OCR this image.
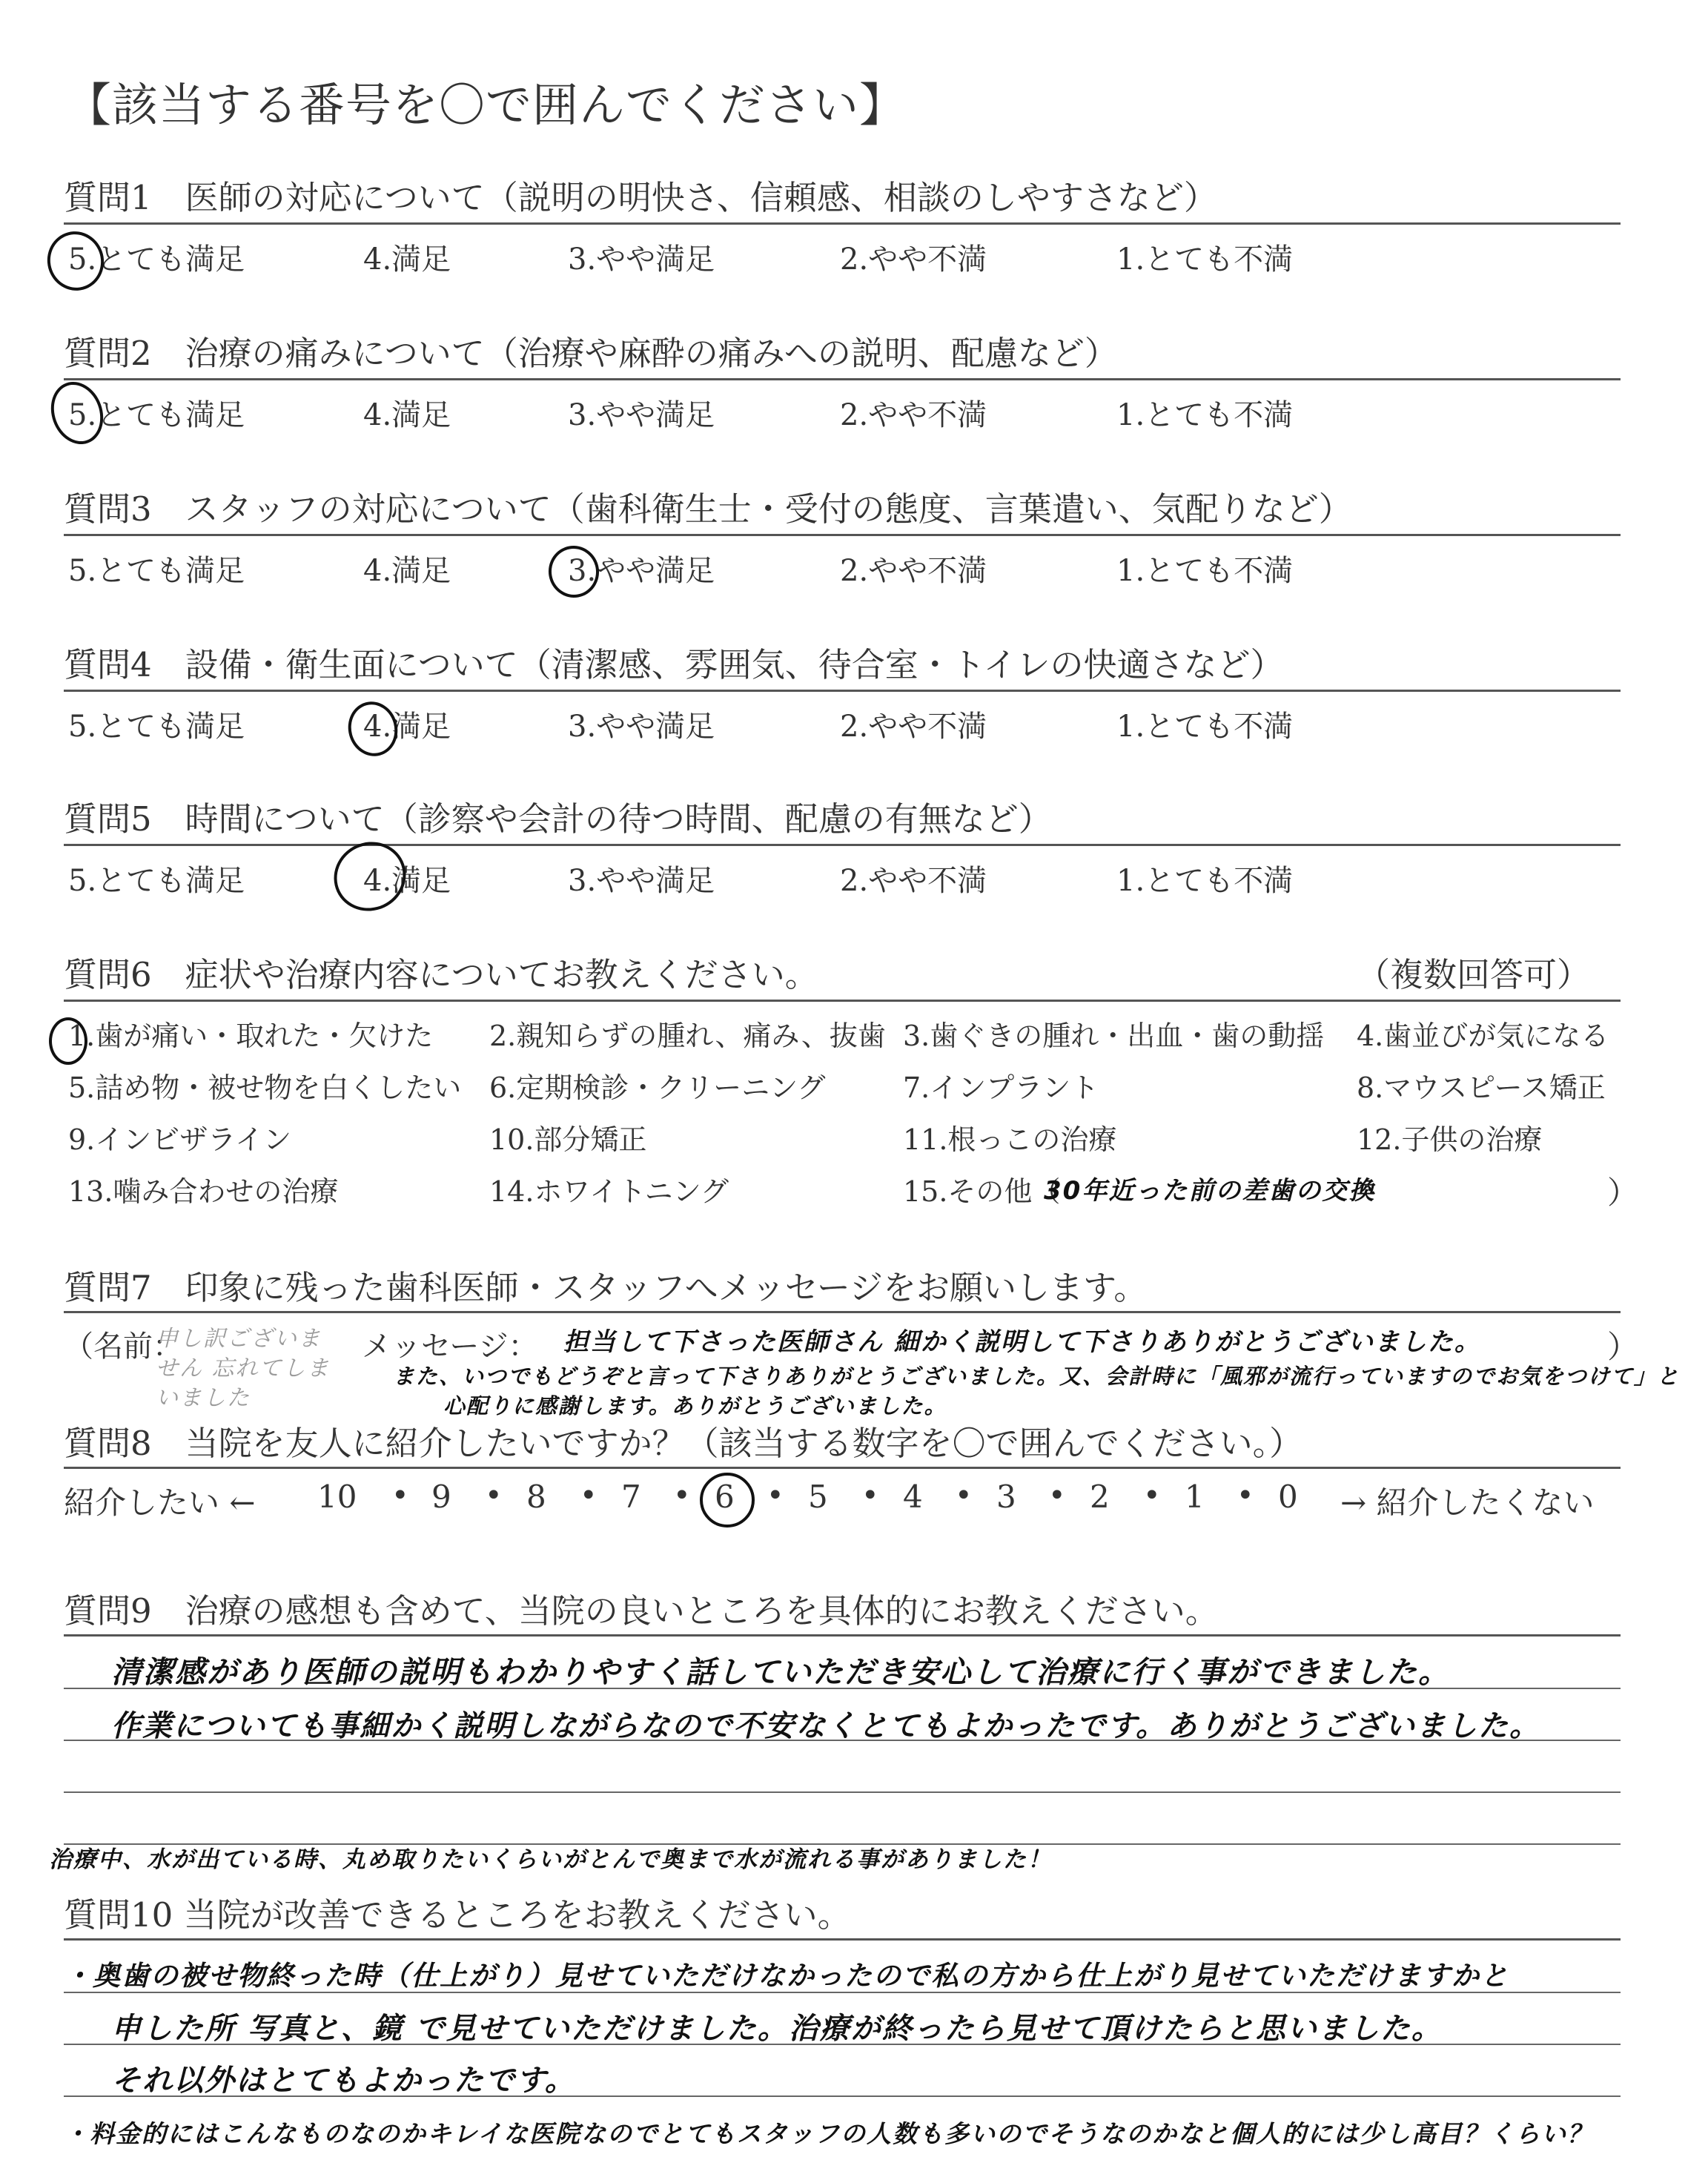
【該当する番号を〇で囲んでください】
質問1　医師の対応について（説明の明快さ、信頼感、相談のしやすさなど）
5.とても満足	4.満足	3.やや満足	2.やや不満	1.とても不満
質問2　治療の痛みについて（治療や麻酔の痛みへの説明、配慮など）
5.とても満足	4.満足	3.やや満足	2.やや不満	1.とても不満
質問3　スタッフの対応について（歯科衛生士・受付の態度、言葉遣い、気配りなど）
5.とても満足	4.満足	3.やや満足	2.やや不満	1.とても不満
質問4　設備・衛生面について（清潔感、雰囲気、待合室・トイレの快適さなど）
5.とても満足	4.満足	3.やや満足	2.やや不満	1.とても不満
質問5　時間について（診察や会計の待つ時間、配慮の有無など）
5.とても満足	4.満足	3.やや満足	2.やや不満	1.とても不満
質問6　症状や治療内容についてお教えください。	（複数回答可）
1.歯が痛い・取れた・欠けた 2.親知らずの腫れ、痛み、抜歯 3.歯ぐきの腫れ・出血・歯の動揺 4.歯並びが気になる
5.詰め物・被せ物を白くしたい 6.定期検診・クリーニング	7.インプラント	8.マウスピース矯正
9.インビザライン	10.部分矯正	11.根っこの治療	12.子供の治療
13.噛み合わせの治療	14.ホワイトニング	15.その他（
30年近った前の差歯の交換	）
質問7　印象に残った歯科医師・スタッフへメッセージをお願いします。
（名前：
申し訳ございません 忘れてしまいました
メッセージ： 担当して下さった医師さん 細かく説明して下さりありがとうございました。
また、いつでもどうぞと言って下さりありがとうございました。又、会計時に「風邪が流行っていますのでお気をつけて」と
心配りに感謝します。ありがとうございました。
）
質問8　当院を友人に紹介したいですか？（該当する数字を〇で囲んでください。）
紹介したい ← 10 • 9 • 8 • 7 • 6 • 5 • 4 • 3 • 2 • 1 • 0 → 紹介したくない
質問9　治療の感想も含めて、当院の良いところを具体的にお教えください。
清潔感があり医師の説明もわかりやすく話していただき安心して治療に行く事ができました。
作業についても事細かく説明しながらなので不安なくとてもよかったです。ありがとうございました。
治療中、水が出ている時、丸め取りたいくらいがとんで奥まで水が流れる事がありました！
質問10 当院が改善できるところをお教えください。
・奥歯の被せ物終った時（仕上がり）見せていただけなかったので私の方から仕上がり見せていただけますかと
申した所 写真と、鏡 で見せていただけました。治療が終ったら見せて頂けたらと思いました。
それ以外はとてもよかったです。
・料金的にはこんなものなのかキレイな医院なのでとてもスタッフの人数も多いのでそうなのかなと個人的には少し高目？くらい？
